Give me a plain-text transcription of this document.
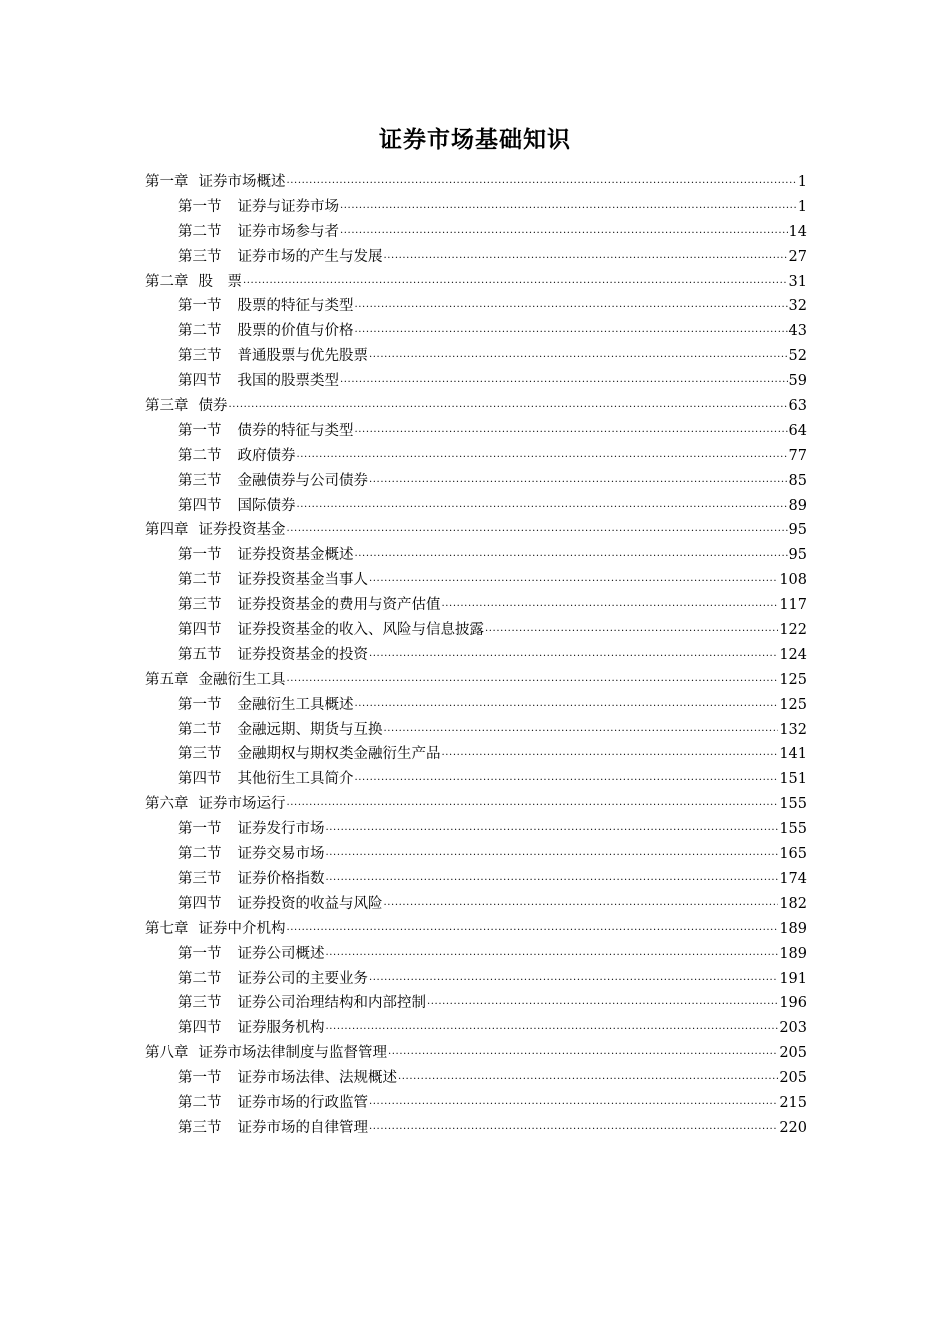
证券市场基础知识
第一章 证券市场概述 .....	1
第一节 证券与证券市场 .....	1
第二节 证券市场参与者 .....	14
第三节 证券市场的产生与发展 .....	27
第二章 股　票 .....	31
第一节 股票的特征与类型 .....	32
第二节 股票的价值与价格 .....	43
第三节 普通股票与优先股票 .....	52
第四节 我国的股票类型 .....	59
第三章 债券 .....	63
第一节 债券的特征与类型 .....	64
第二节 政府债券 .....	77
第三节 金融债券与公司债券 .....	85
第四节 国际债券 .....	89
第四章 证券投资基金 .....	95
第一节 证券投资基金概述 .....	95
第二节 证券投资基金当事人 .....	108
第三节 证券投资基金的费用与资产估值 .....	117
第四节 证券投资基金的收入、风险与信息披露 .....	122
第五节 证券投资基金的投资 .....	124
第五章 金融衍生工具 .....	125
第一节 金融衍生工具概述 .....	125
第二节 金融远期、期货与互换 .....	132
第三节 金融期权与期权类金融衍生产品 .....	141
第四节 其他衍生工具简介 .....	151
第六章 证券市场运行 .....	155
第一节 证券发行市场 .....	155
第二节 证券交易市场 .....	165
第三节 证券价格指数 .....	174
第四节 证券投资的收益与风险 .....	182
第七章 证券中介机构 .....	189
第一节 证券公司概述 .....	189
第二节 证券公司的主要业务 .....	191
第三节 证券公司治理结构和内部控制 .....	196
第四节 证券服务机构 .....	203
第八章 证券市场法律制度与监督管理 .....	205
第一节 证券市场法律、法规概述 .....	205
第二节 证券市场的行政监管 .....	215
第三节 证券市场的自律管理 .....	220
